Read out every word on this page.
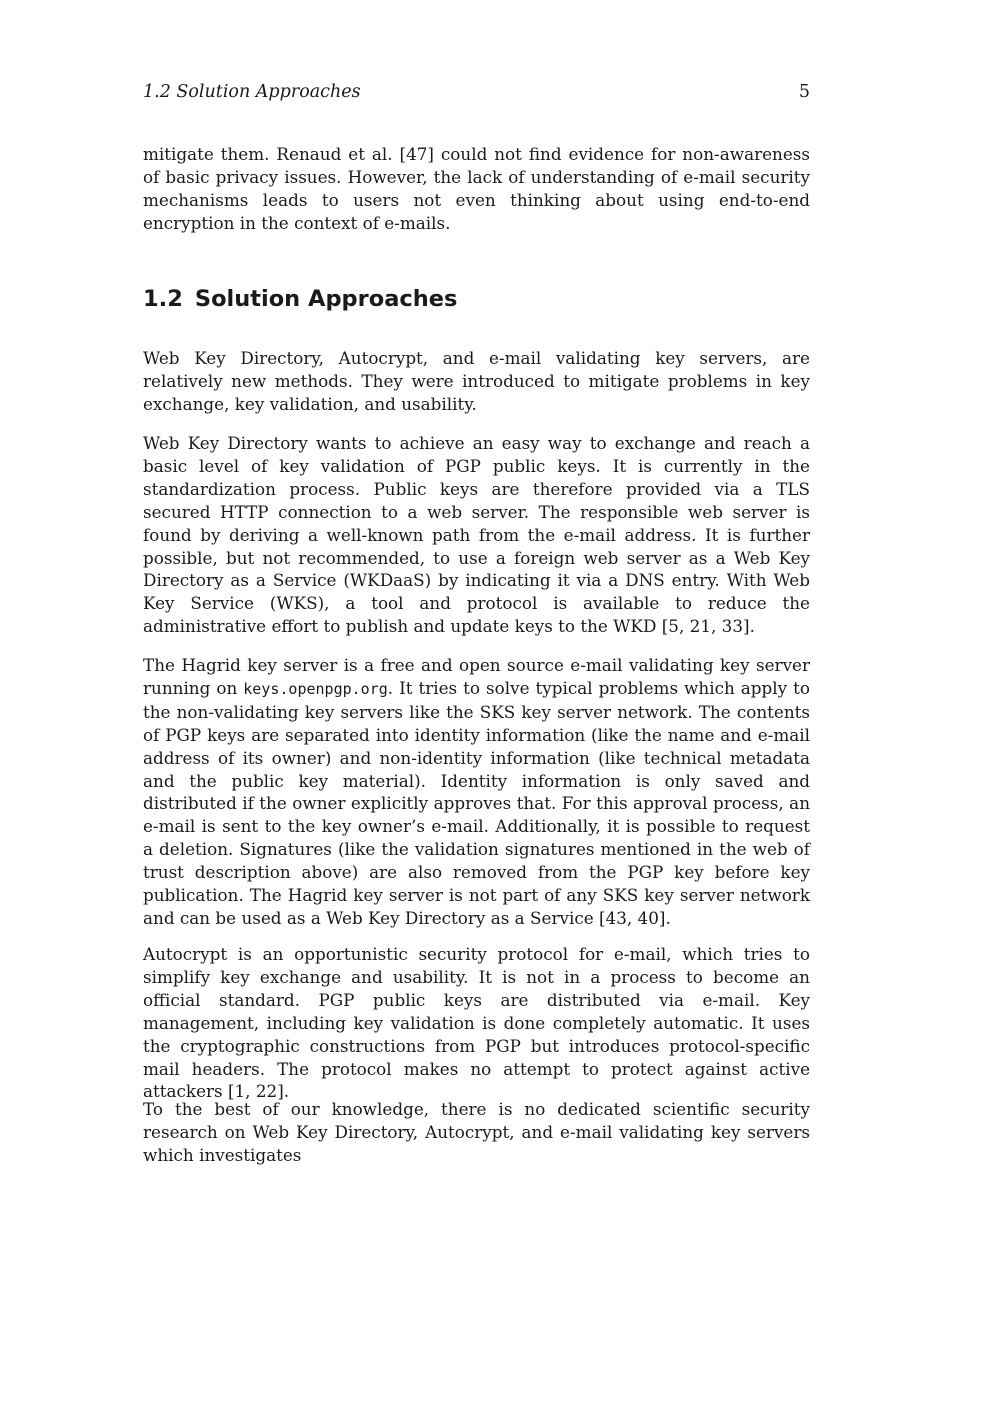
1.2 Solution Approaches	5

mitigate them. Renaud et al. [47] could not find evidence for non-awareness of basic privacy issues. However, the lack of understanding of e-mail security mechanisms leads to users not even thinking about using end-to-end encryption in the context of e-mails.

1.2 Solution Approaches

Web Key Directory, Autocrypt, and e-mail validating key servers, are relatively new methods. They were introduced to mitigate problems in key exchange, key validation, and usability.

Web Key Directory wants to achieve an easy way to exchange and reach a basic level of key validation of PGP public keys. It is currently in the standardization process. Public keys are therefore provided via a TLS secured HTTP connection to a web server. The responsible web server is found by deriving a well-known path from the e-mail address. It is further possible, but not recommended, to use a foreign web server as a Web Key Directory as a Service (WKDaaS) by indicating it via a DNS entry. With Web Key Service (WKS), a tool and protocol is available to reduce the administrative effort to publish and update keys to the WKD [5, 21, 33].

The Hagrid key server is a free and open source e-mail validating key server running on keys.openpgp.org. It tries to solve typical problems which apply to the non-validating key servers like the SKS key server network. The contents of PGP keys are separated into identity information (like the name and e-mail address of its owner) and non-identity information (like technical metadata and the public key material). Identity information is only saved and distributed if the owner explicitly approves that. For this approval process, an e-mail is sent to the key owner’s e-mail. Additionally, it is possible to request a deletion. Signatures (like the validation signatures mentioned in the web of trust description above) are also removed from the PGP key before key publication. The Hagrid key server is not part of any SKS key server network and can be used as a Web Key Directory as a Service [43, 40].

Autocrypt is an opportunistic security protocol for e-mail, which tries to simplify key exchange and usability. It is not in a process to become an official standard. PGP public keys are distributed via e-mail. Key management, including key validation is done completely automatic. It uses the cryptographic constructions from PGP but introduces protocol-specific mail headers. The protocol makes no attempt to protect against active attackers [1, 22].

To the best of our knowledge, there is no dedicated scientific security research on Web Key Directory, Autocrypt, and e-mail validating key servers which investigates
